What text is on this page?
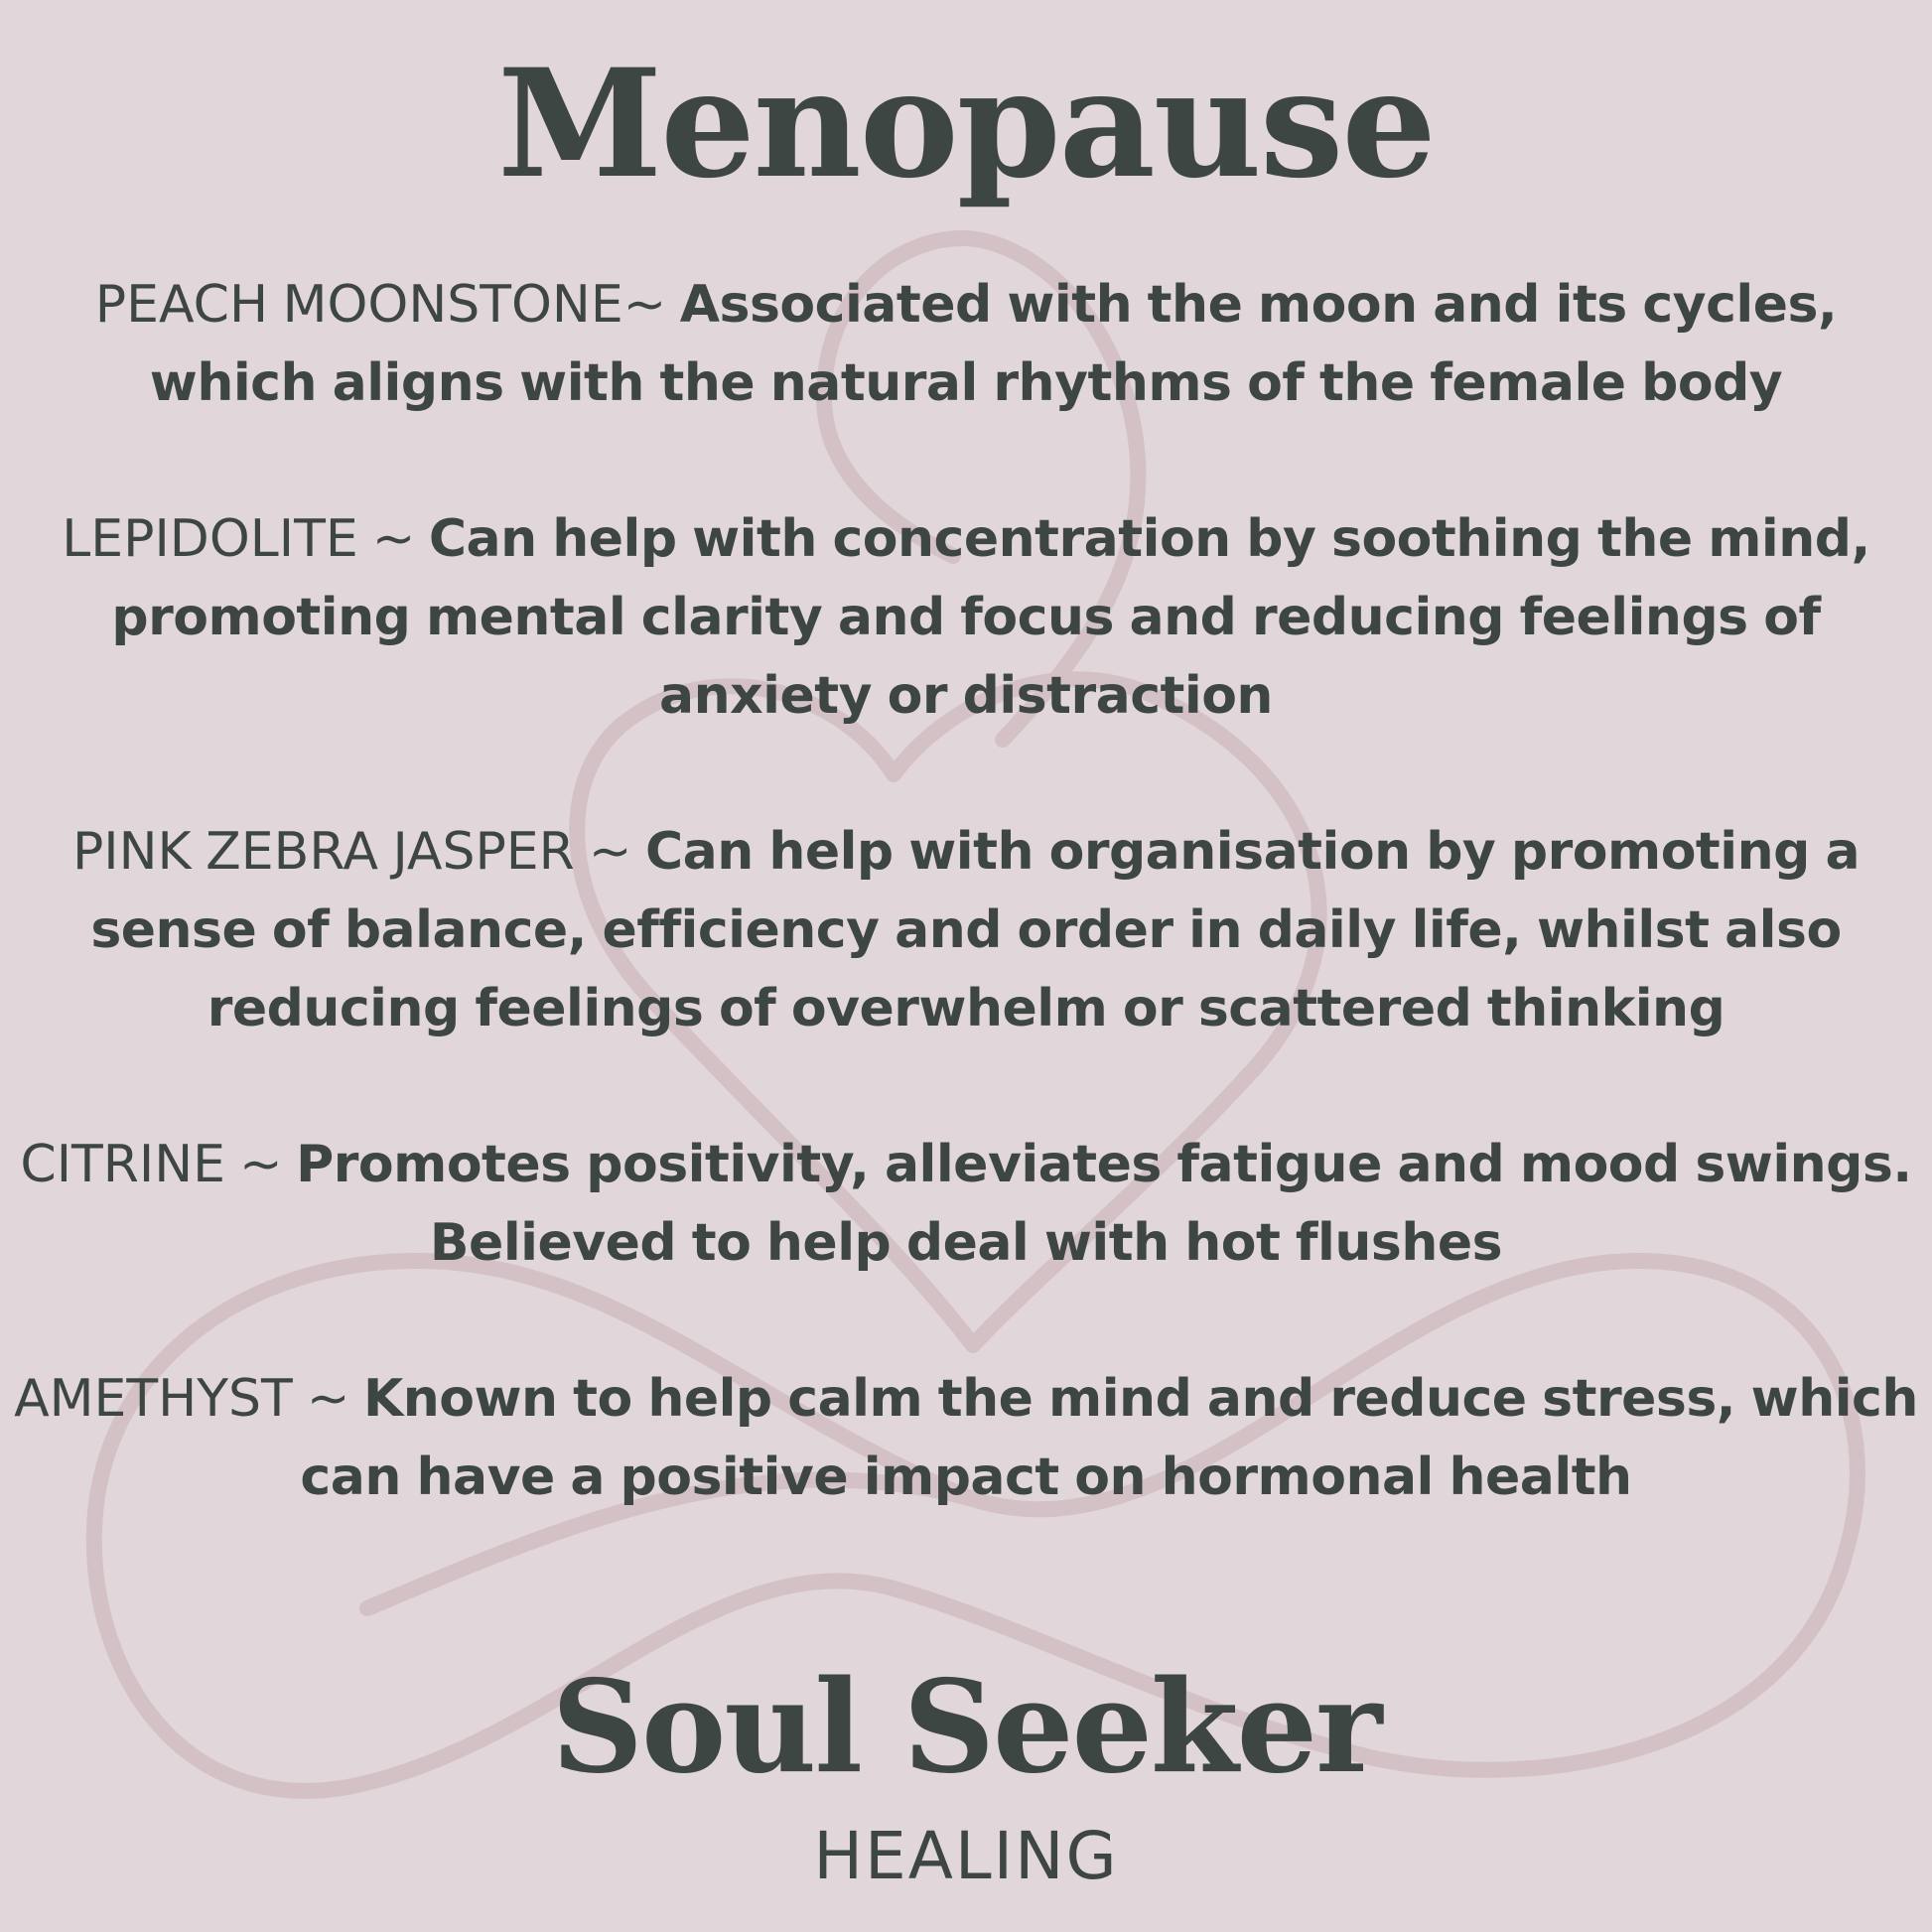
Menopause

PEACH MOONSTONE~ Associated with the moon and its cycles, which aligns with the natural rhythms of the female body

LEPIDOLITE ~ Can help with concentration by soothing the mind, promoting mental clarity and focus and reducing feelings of anxiety or distraction

PINK ZEBRA JASPER ~ Can help with organisation by promoting a sense of balance, efficiency and order in daily life, whilst also reducing feelings of overwhelm or scattered thinking

CITRINE ~ Promotes positivity, alleviates fatigue and mood swings. Believed to help deal with hot flushes

AMETHYST ~ Known to help calm the mind and reduce stress, which can have a positive impact on hormonal health

Soul Seeker
HEALING
